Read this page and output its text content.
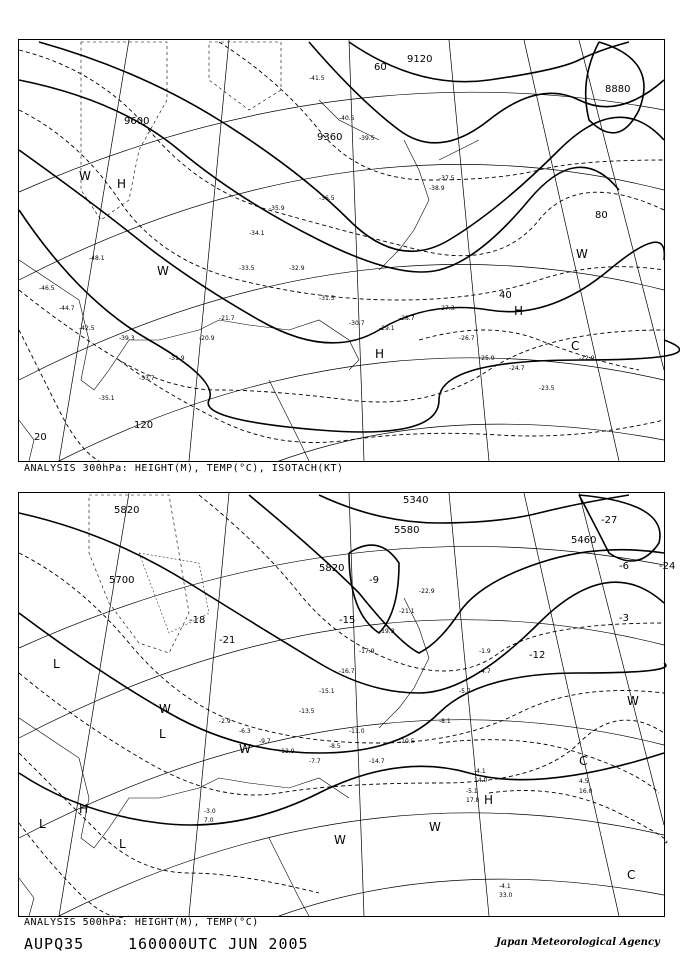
9600
9360
9120
8880
20
40
60
80
120
H
H
H
W
W
W
C
-41.5
-40.5
-39.5
-38.9
-37.5
-36.5
-35.9
-34.1
-33.5	-32.9
-31.5
-30.7
-29.1
-28.7
-27.3
-26.7
-25.9
-24.7
-23.5
-22.9
-21.7
-20.9
-31.9
-33.7
-35.1
-39.3
-42.5
-44.7
-46.5
-48.1
ANALYSIS 300hPa: HEIGHT(M), TEMP(°C), ISOTACH(KT)
5820
5700
5580
5460
5340
5820
-3
-6
-9
-12
-15
-18
-21
-24
-27
L
L
L
L
H
H
W
W
W
W
W
C
C
-4.1
14.0
-5.1
17.8
-3.0
7.0
-7.7
-8.5
-11.0
-13.5
-15.1
-16.7
-17.9
-19.3
-21.1
-22.9
-4.1
33.0
-2.9
-6.3
-9.7
-12.9
-14.7
-10.5
-8.1
-5.7
-4.7
-1.9
4.5
16.0
ANALYSIS 500hPa: HEIGHT(M), TEMP(°C)
AUPQ35	160000UTC JUN 2005	Japan Meteorological Agency
